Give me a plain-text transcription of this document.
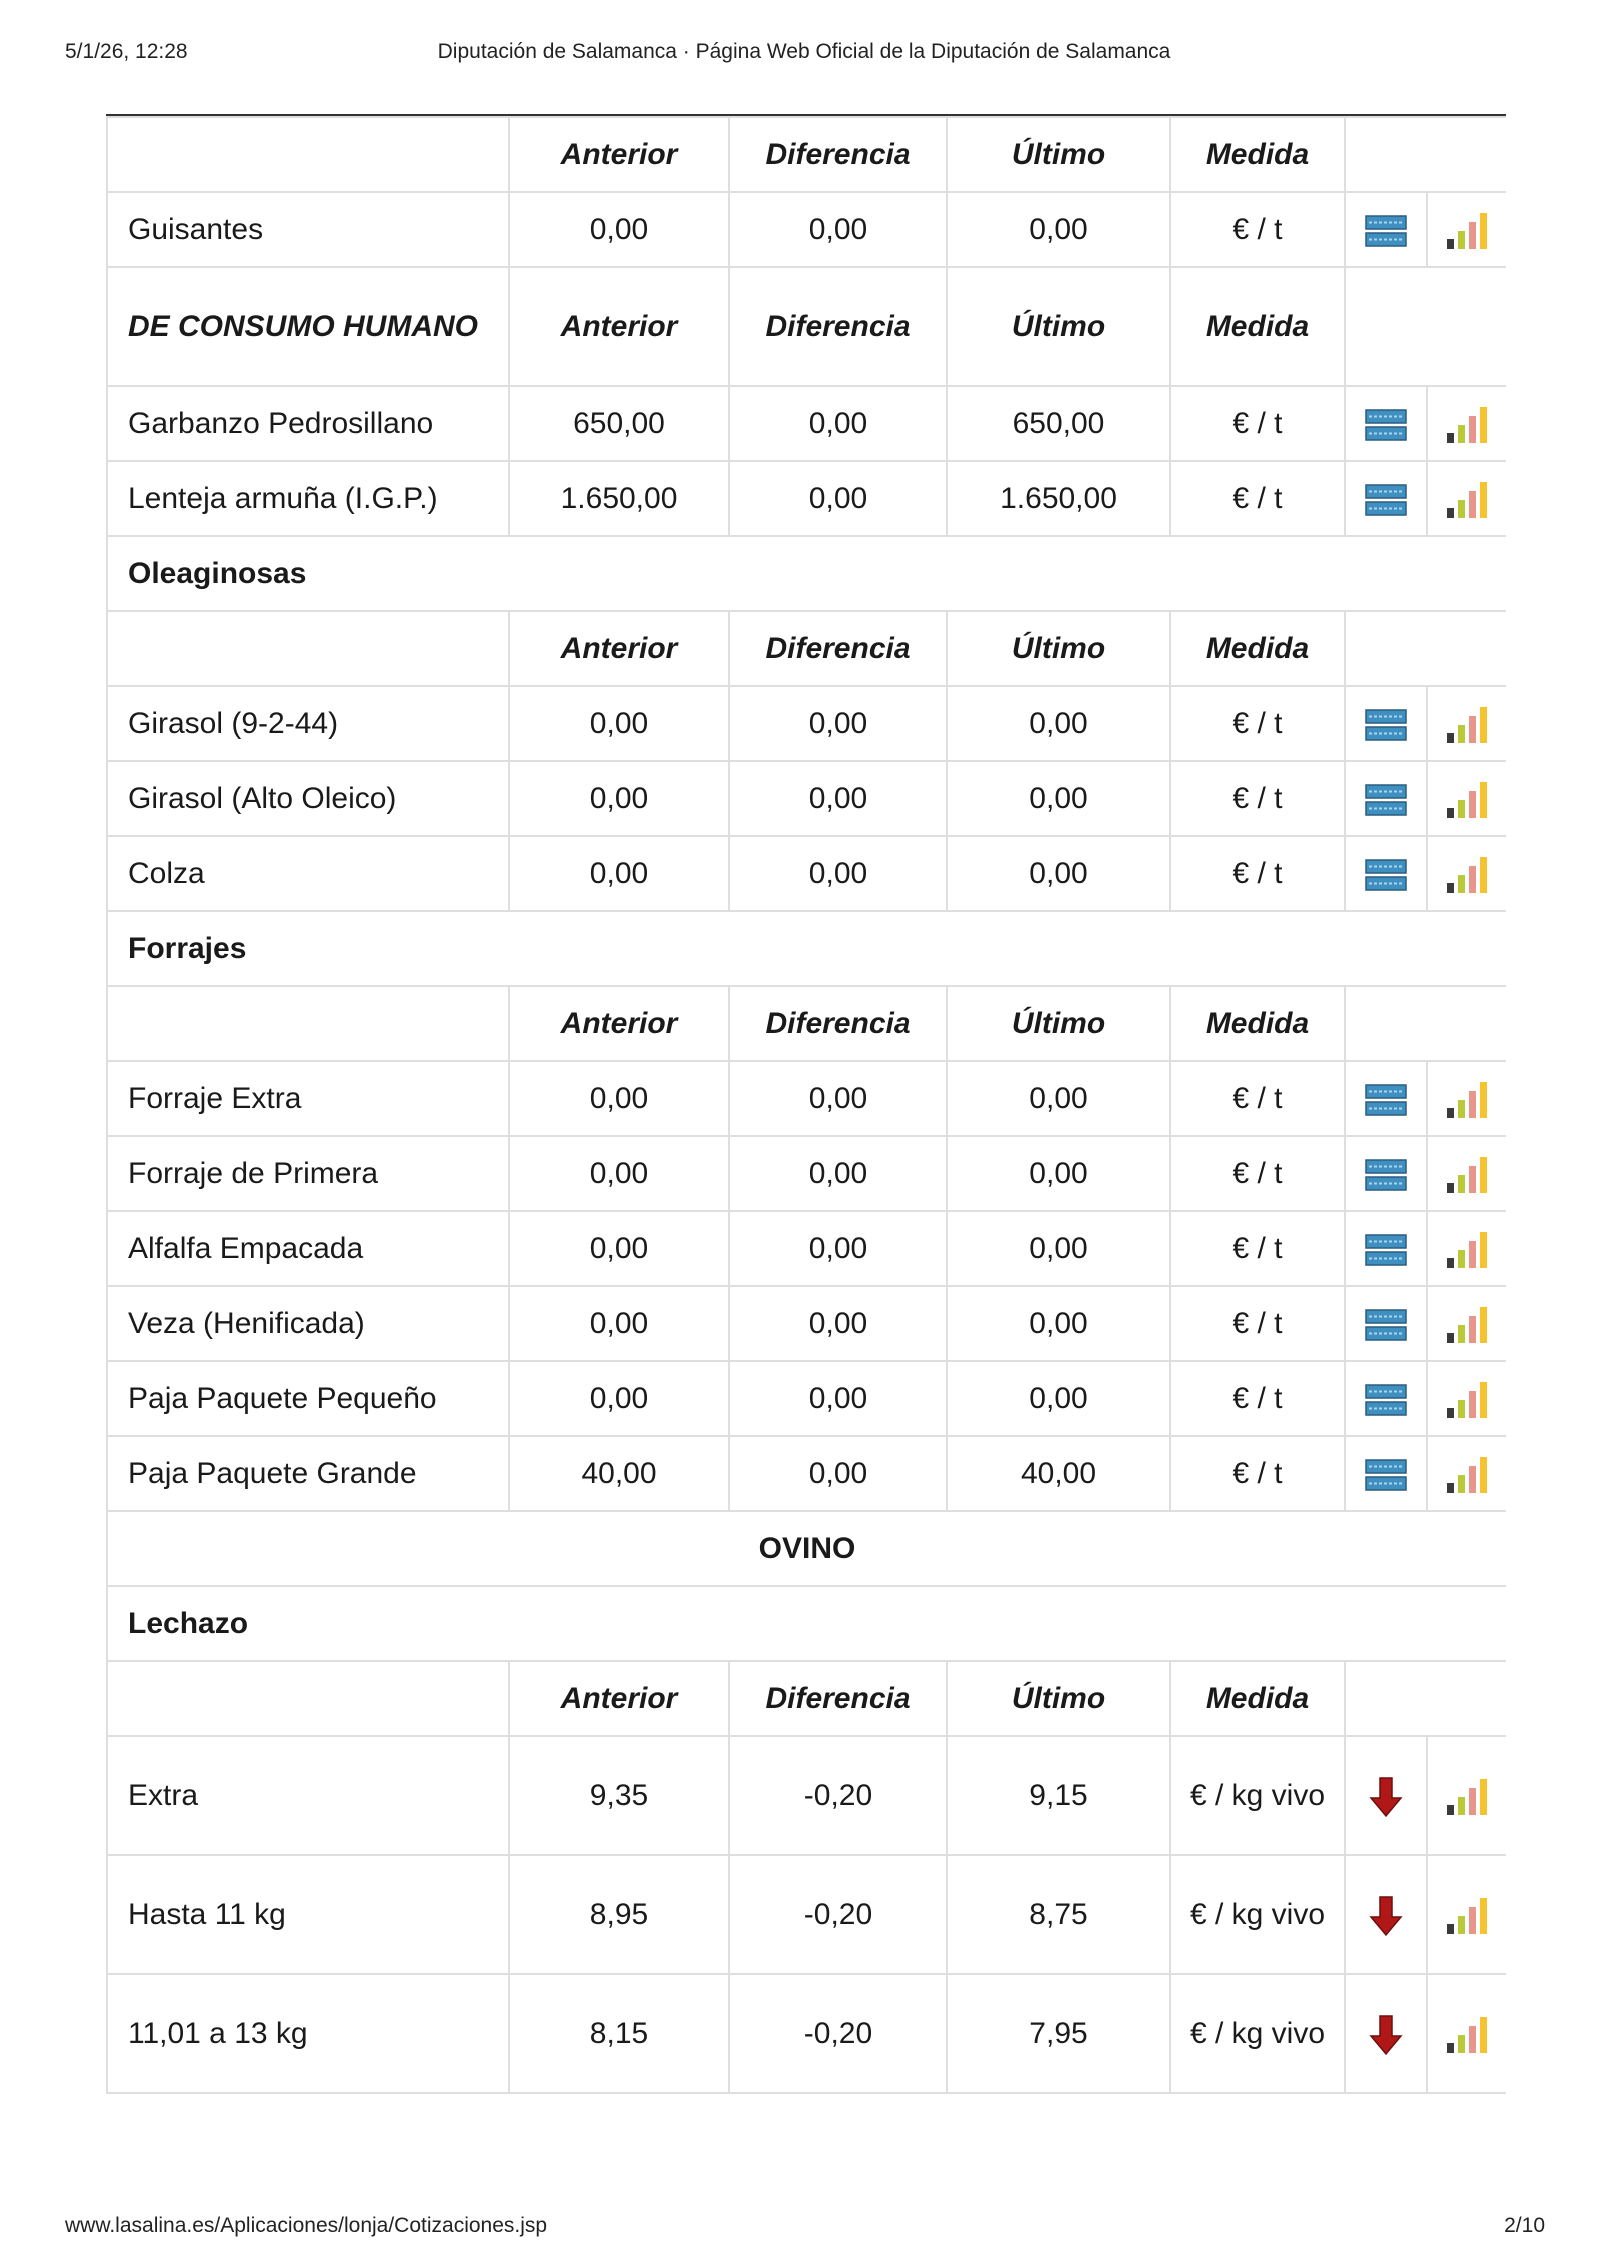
5/1/26, 12:28	Diputación de Salamanca · Página Web Oficial de la Diputación de Salamanca
	Anterior	Diferencia	Último	Medida		
Guisantes	0,00	0,00	0,00	€ / t		
DE CONSUMO HUMANO	Anterior	Diferencia	Último	Medida		
Garbanzo Pedrosillano	650,00	0,00	650,00	€ / t		
Lenteja armuña (I.G.P.)	1.650,00	0,00	1.650,00	€ / t		
Oleaginosas						
	Anterior	Diferencia	Último	Medida		
Girasol (9-2-44)	0,00	0,00	0,00	€ / t		
Girasol (Alto Oleico)	0,00	0,00	0,00	€ / t		
Colza	0,00	0,00	0,00	€ / t		
Forrajes						
	Anterior	Diferencia	Último	Medida		
Forraje Extra	0,00	0,00	0,00	€ / t		
Forraje de Primera	0,00	0,00	0,00	€ / t		
Alfalfa Empacada	0,00	0,00	0,00	€ / t		
Veza (Henificada)	0,00	0,00	0,00	€ / t		
Paja Paquete Pequeño	0,00	0,00	0,00	€ / t		
Paja Paquete Grande	40,00	0,00	40,00	€ / t		
OVINO						
Lechazo						
	Anterior	Diferencia	Último	Medida		
Extra	9,35	-0,20	9,15	€ / kg vivo		
Hasta 11 kg	8,95	-0,20	8,75	€ / kg vivo		
11,01 a 13 kg	8,15	-0,20	7,95	€ / kg vivo		
www.lasalina.es/Aplicaciones/lonja/Cotizaciones.jsp	2/10
